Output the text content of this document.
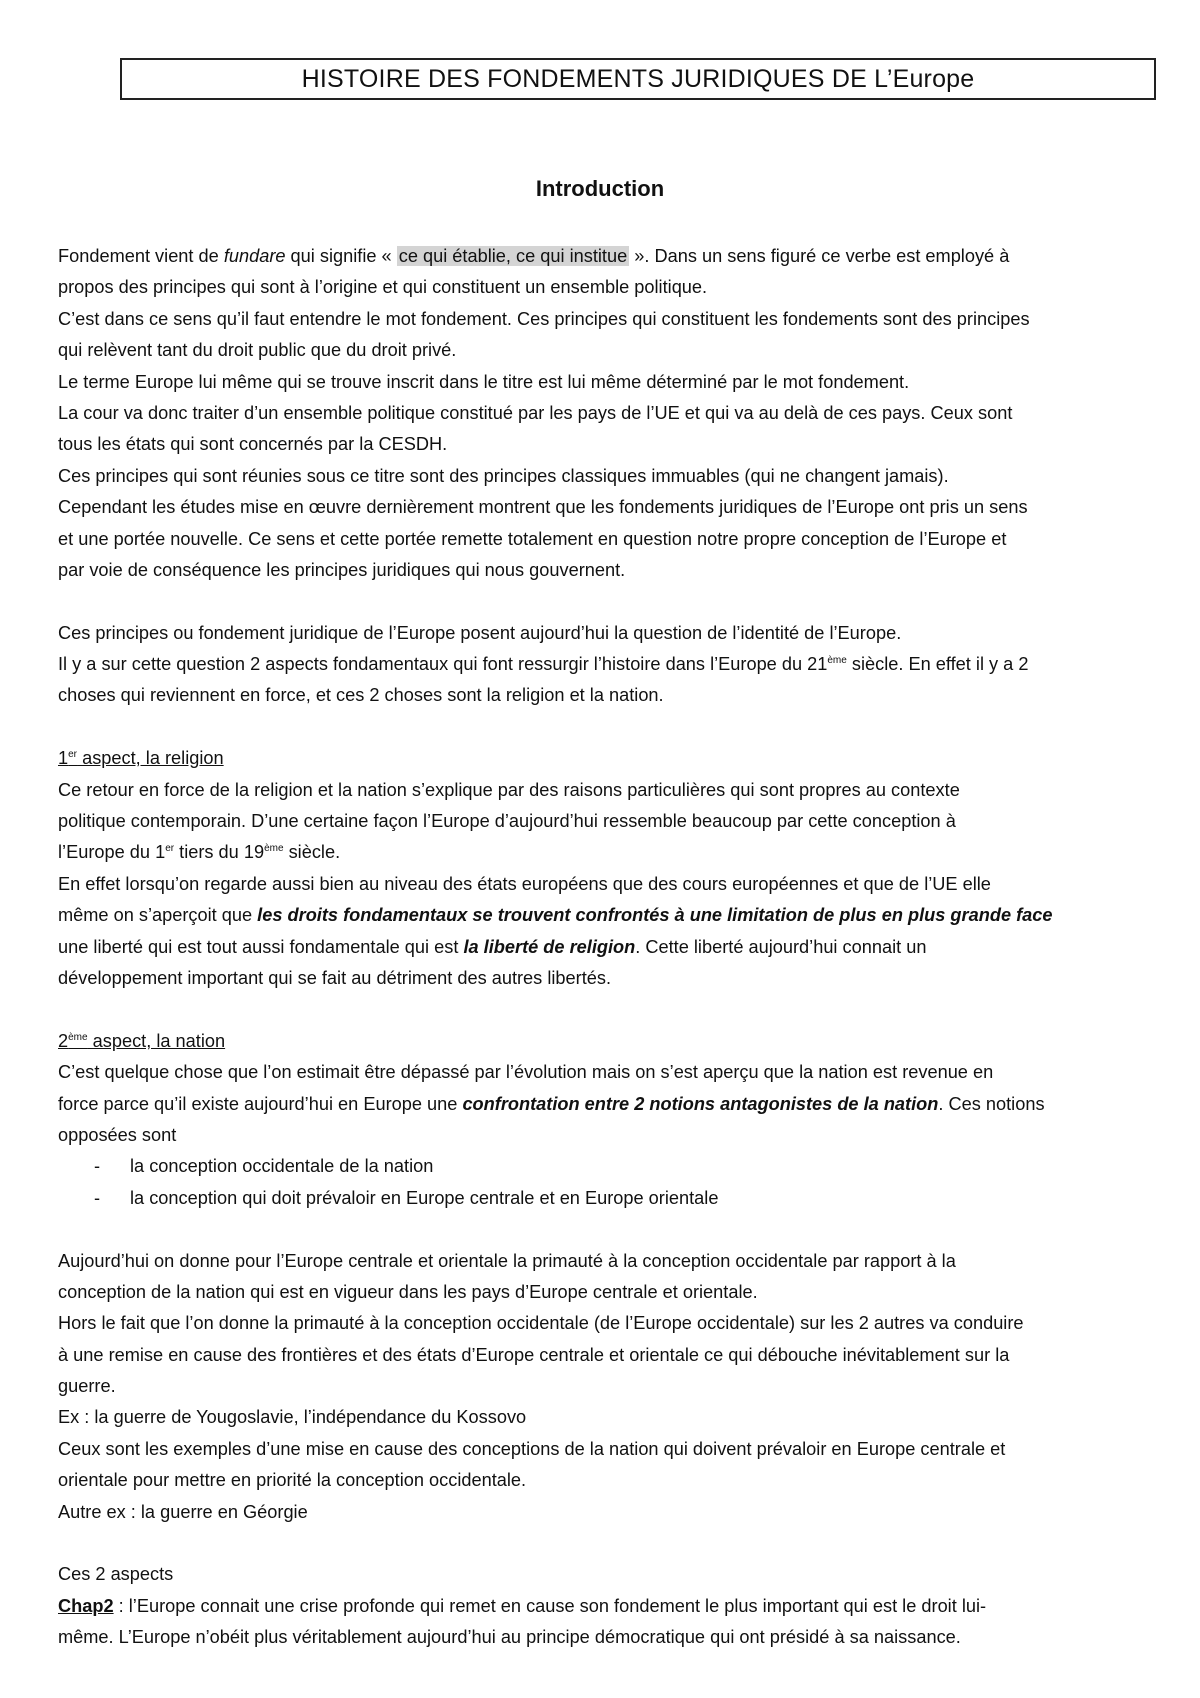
HISTOIRE DES FONDEMENTS JURIDIQUES DE L’Europe
Introduction
Fondement vient de fundare qui signifie « ce qui établie, ce qui institue ». Dans un sens figuré ce verbe est employé à
propos des principes qui sont à l’origine et qui constituent un ensemble politique.
C’est dans ce sens qu’il faut entendre le mot fondement. Ces principes qui constituent les fondements sont des principes
qui relèvent tant du droit public que du droit privé.
Le terme Europe lui même qui se trouve inscrit dans le titre est lui même déterminé par le mot fondement.
La cour va donc traiter d’un ensemble politique constitué par les pays de l’UE et qui va au delà de ces pays. Ceux sont
tous les états qui sont concernés par la CESDH.
Ces principes qui sont réunies sous ce titre sont des principes classiques immuables (qui ne changent jamais).
Cependant les études mise en œuvre dernièrement montrent que les fondements juridiques de l’Europe ont pris un sens
et une portée nouvelle. Ce sens et cette portée remette totalement en question notre propre conception de l’Europe et
par voie de conséquence les principes juridiques qui nous gouvernent.
Ces principes ou fondement juridique de l’Europe posent aujourd’hui la question de l’identité de l’Europe.
Il y a sur cette question 2 aspects fondamentaux qui font ressurgir l’histoire dans l’Europe du 21ème siècle. En effet il y a 2
choses qui reviennent en force, et ces 2 choses sont la religion et la nation.
1er aspect, la religion
Ce retour en force de la religion et la nation s’explique par des raisons particulières qui sont propres au contexte
politique contemporain. D’une certaine façon l’Europe d’aujourd’hui ressemble beaucoup par cette conception à
l’Europe du 1er tiers du 19ème siècle.
En effet lorsqu’on regarde aussi bien au niveau des états européens que des cours européennes et que de l’UE elle
même on s’aperçoit que les droits fondamentaux se trouvent confrontés à une limitation de plus en plus grande face
une liberté qui est tout aussi fondamentale qui est la liberté de religion. Cette liberté aujourd’hui connait un
développement important qui se fait au détriment des autres libertés.
2ème aspect, la nation
C’est quelque chose que l’on estimait être dépassé par l’évolution mais on s’est aperçu que la nation est revenue en
force parce qu’il existe aujourd’hui en Europe une confrontation entre 2 notions antagonistes de la nation. Ces notions
opposées sont
-	la conception occidentale de la nation
-	la conception qui doit prévaloir en Europe centrale et en Europe orientale
Aujourd’hui on donne pour l’Europe centrale et orientale la primauté à la conception occidentale par rapport à la
conception de la nation qui est en vigueur dans les pays d’Europe centrale et orientale.
Hors le fait que l’on donne la primauté à la conception occidentale (de l’Europe occidentale) sur les 2 autres va conduire
à une remise en cause des frontières et des états d’Europe centrale et orientale ce qui débouche inévitablement sur la
guerre.
Ex : la guerre de Yougoslavie, l’indépendance du Kossovo
Ceux sont les exemples d’une mise en cause des conceptions de la nation qui doivent prévaloir en Europe centrale et
orientale pour mettre en priorité la conception occidentale.
Autre ex : la guerre en Géorgie
Ces 2 aspects
Chap2 : l’Europe connait une crise profonde qui remet en cause son fondement le plus important qui est le droit lui-
même. L’Europe n’obéit plus véritablement aujourd’hui au principe démocratique qui ont présidé à sa naissance.
